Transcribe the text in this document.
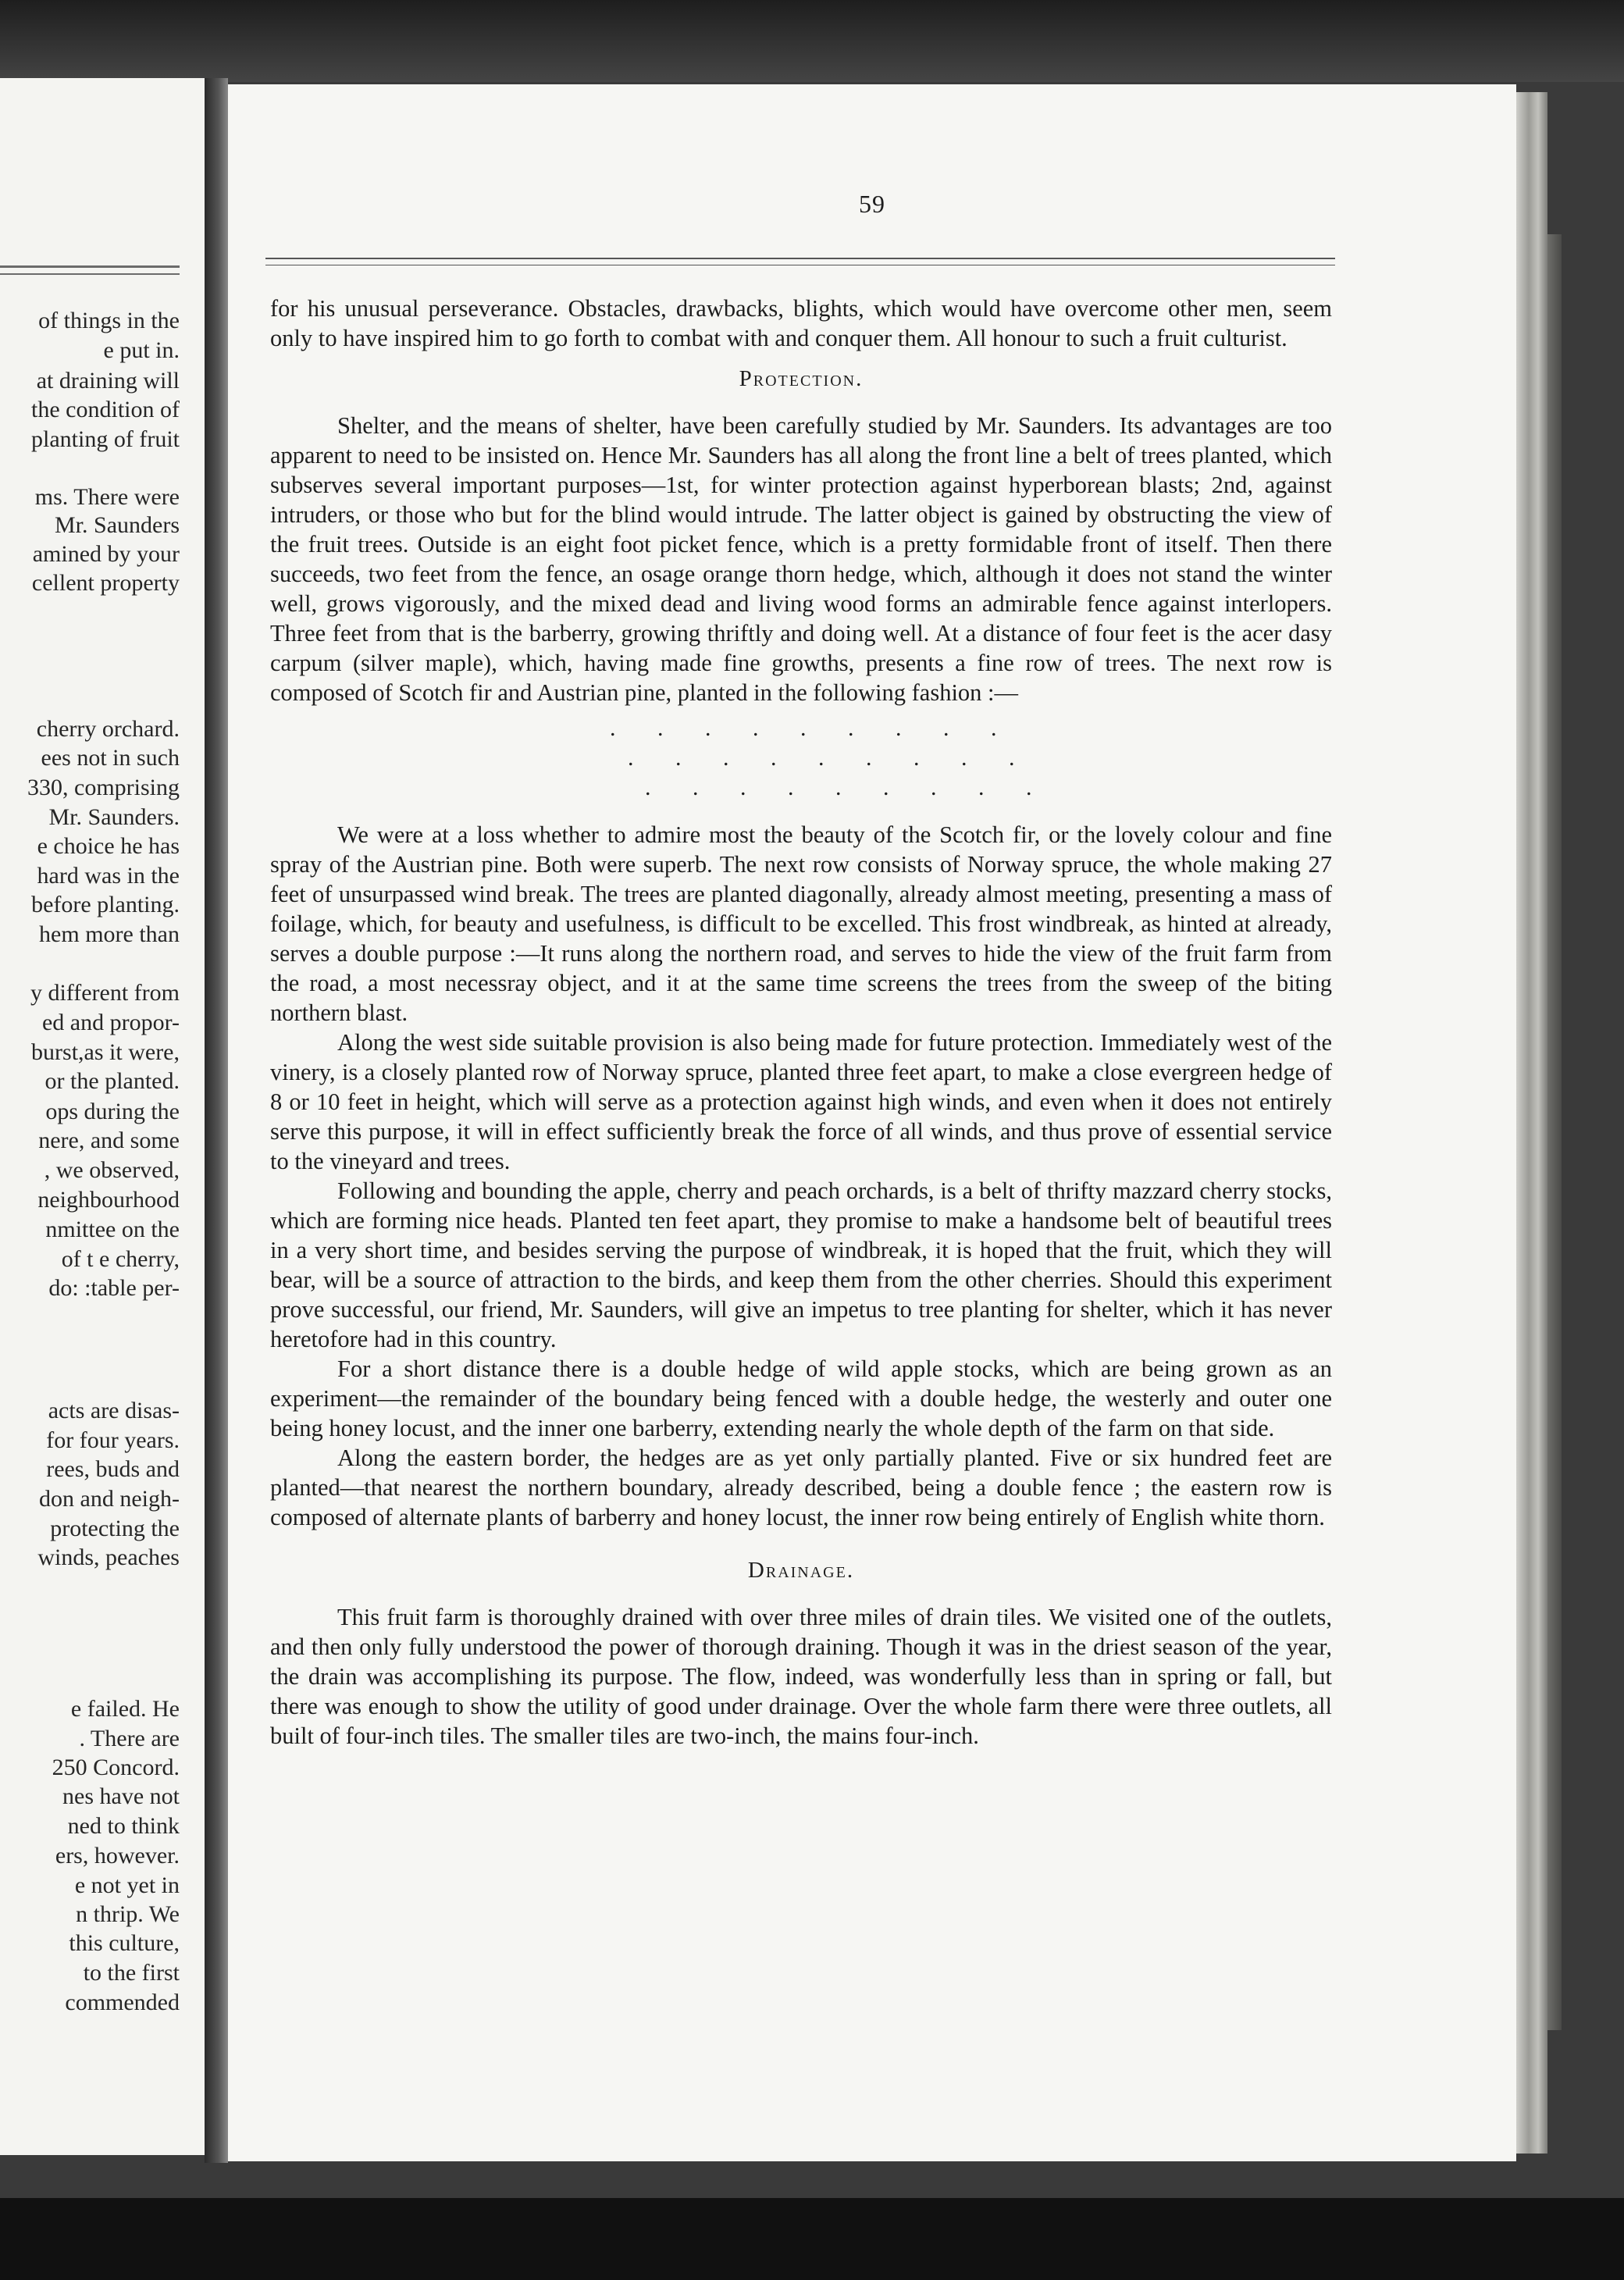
of things in the
e put in.
at draining will
the condition of
planting of fruit
ms. There were
Mr. Saunders
amined by your
cellent property
cherry orchard.
ees not in such
330, comprising
Mr. Saunders.
e choice he has
hard was in the
before planting.
hem more than
y different from
ed and propor-
burst,as it were,
or the planted.
ops during the
nere, and some
, we observed,
neighbourhood
nmittee on the
of t e cherry,
do: :table per-
acts are disas-
for four years.
rees, buds and
don and neigh-
protecting the
winds, peaches
e failed. He
. There are
250 Concord.
nes have not
ned to think
ers, however.
e not yet in
n thrip. We
this culture,
to the first
commended
59

for his unusual perseverance. Obstacles, drawbacks, blights, which would have overcome other men, seem only to have inspired him to go forth to combat with and conquer them. All honour to such a fruit culturist.

Protection.

Shelter, and the means of shelter, have been carefully studied by Mr. Saunders. Its advantages are too apparent to need to be insisted on. Hence Mr. Saunders has all along the front line a belt of trees planted, which subserves several important purposes—1st, for winter protection against hyperborean blasts; 2nd, against intruders, or those who but for the blind would intrude. The latter object is gained by obstructing the view of the fruit trees. Outside is an eight foot picket fence, which is a pretty formidable front of itself. Then there succeeds, two feet from the fence, an osage orange thorn hedge, which, although it does not stand the winter well, grows vigorously, and the mixed dead and living wood forms an admirable fence against interlopers. Three feet from that is the barberry, growing thriftly and doing well. At a distance of four feet is the acer dasy carpum (silver maple), which, having made fine growths, presents a fine row of trees. The next row is composed of Scotch fir and Austrian pine, planted in the following fashion :—

. . . . . . . . .
. . . . . . . . .
. . . . . . . . .

We were at a loss whether to admire most the beauty of the Scotch fir, or the lovely colour and fine spray of the Austrian pine. Both were superb. The next row consists of Norway spruce, the whole making 27 feet of unsurpassed wind break. The trees are planted diagonally, already almost meeting, presenting a mass of foilage, which, for beauty and usefulness, is difficult to be excelled. This frost windbreak, as hinted at already, serves a double purpose :—It runs along the northern road, and serves to hide the view of the fruit farm from the road, a most necessray object, and it at the same time screens the trees from the sweep of the biting northern blast.

Along the west side suitable provision is also being made for future protection. Immediately west of the vinery, is a closely planted row of Norway spruce, planted three feet apart, to make a close evergreen hedge of 8 or 10 feet in height, which will serve as a protection against high winds, and even when it does not entirely serve this purpose, it will in effect sufficiently break the force of all winds, and thus prove of essential service to the vineyard and trees.

Following and bounding the apple, cherry and peach orchards, is a belt of thrifty mazzard cherry stocks, which are forming nice heads. Planted ten feet apart, they promise to make a handsome belt of beautiful trees in a very short time, and besides serving the purpose of windbreak, it is hoped that the fruit, which they will bear, will be a source of attraction to the birds, and keep them from the other cherries. Should this experiment prove successful, our friend, Mr. Saunders, will give an impetus to tree planting for shelter, which it has never heretofore had in this country.

For a short distance there is a double hedge of wild apple stocks, which are being grown as an experiment—the remainder of the boundary being fenced with a double hedge, the westerly and outer one being honey locust, and the inner one barberry, extending nearly the whole depth of the farm on that side.

Along the eastern border, the hedges are as yet only partially planted. Five or six hundred feet are planted—that nearest the northern boundary, already described, being a double fence ; the eastern row is composed of alternate plants of barberry and honey locust, the inner row being entirely of English white thorn.

Drainage.

This fruit farm is thoroughly drained with over three miles of drain tiles. We visited one of the outlets, and then only fully understood the power of thorough draining. Though it was in the driest season of the year, the drain was accomplishing its purpose. The flow, indeed, was wonderfully less than in spring or fall, but there was enough to show the utility of good under drainage. Over the whole farm there were three outlets, all built of four-inch tiles. The smaller tiles are two-inch, the mains four-inch.
